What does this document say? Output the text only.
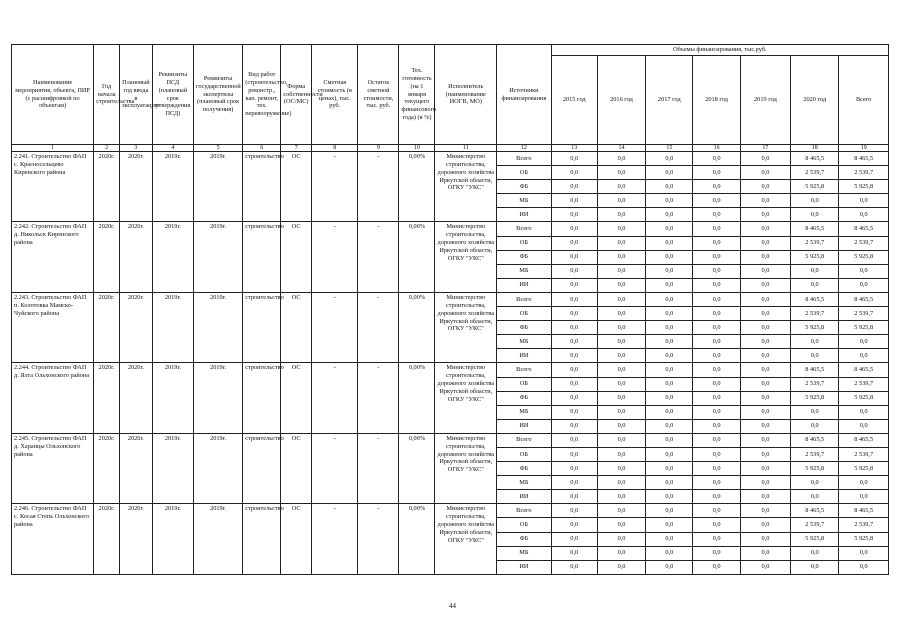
Наименование мероприятия, объекта, ПИР (с расшифровкой по объектам)	Год начала строительства	Плановый год ввода в эксплуатацию	Реквизиты ПСД (плановый срок утверждения ПСД)	Реквизиты государственной экспертизы (плановый срок получения)	Вид работ (строительство, реконстр., кап. ремонт, тех. перевооружение)	Форма собственности (ОС/МС)	Сметная стоимость (в ценах), тыс. руб.	Остаток сметной стоимости, тыс. руб.	Тех. готовность (на 1 января текущего финансового года) (в %)	Исполнитель (наименование ИОГВ, МО)	Источники финансирования	Объемы финансирования, тыс.руб.						
												2015 год	2016 год	2017 год	2018 год	2019 год	2020 год	Всего
1	2	3	4	5	6	7	8	9	10	11	12	13	14	15	16	17	18	19
2.241. Строительство ФАП с. Красносельцево Киренского района	2020г.	2020г.	2019г.	2019г.	строительство	ОС	-	-	0,00%	Министерство строительства, дорожного хозяйства Иркутской области, ОГКУ "УКС"	Всего	0,0	0,0	0,0	0,0	0,0	8 465,5	8 465,5
											ОБ	0,0	0,0	0,0	0,0	0,0	2 539,7	2 539,7
											ФБ	0,0	0,0	0,0	0,0	0,0	5 925,8	5 925,8
											МБ	0,0	0,0	0,0	0,0	0,0	0,0	0,0
											ИИ	0,0	0,0	0,0	0,0	0,0	0,0	0,0
2.242. Строительство ФАП д. Никольск Киренского района	2020г.	2020г.	2019г.	2019г.	строительство	ОС	-	-	0,00%	Министерство строительства, дорожного хозяйства Иркутской области, ОГКУ "УКС"	Всего	0,0	0,0	0,0	0,0	0,0	8 465,5	8 465,5
											ОБ	0,0	0,0	0,0	0,0	0,0	2 539,7	2 539,7
											ФБ	0,0	0,0	0,0	0,0	0,0	5 925,8	5 925,8
											МБ	0,0	0,0	0,0	0,0	0,0	0,0	0,0
											ИИ	0,0	0,0	0,0	0,0	0,0	0,0	0,0
2.243. Строительство ФАП п. Колотовка Мамско-Чуйского района	2020г.	2020г.	2019г.	2019г.	строительство	ОС	-	-	0,00%	Министерство строительства, дорожного хозяйства Иркутской области, ОГКУ "УКС"	Всего	0,0	0,0	0,0	0,0	0,0	8 465,5	8 465,5
											ОБ	0,0	0,0	0,0	0,0	0,0	2 539,7	2 539,7
											ФБ	0,0	0,0	0,0	0,0	0,0	5 925,8	5 925,8
											МБ	0,0	0,0	0,0	0,0	0,0	0,0	0,0
											ИИ	0,0	0,0	0,0	0,0	0,0	0,0	0,0
2.244. Строительство ФАП д. Ялга Ольхонского района	2020г.	2020г.	2019г.	2019г.	строительство	ОС	-	-	0,00%	Министерство строительства, дорожного хозяйства Иркутской области, ОГКУ "УКС"	Всего	0,0	0,0	0,0	0,0	0,0	8 465,5	8 465,5
											ОБ	0,0	0,0	0,0	0,0	0,0	2 539,7	2 539,7
											ФБ	0,0	0,0	0,0	0,0	0,0	5 925,8	5 925,8
											МБ	0,0	0,0	0,0	0,0	0,0	0,0	0,0
											ИИ	0,0	0,0	0,0	0,0	0,0	0,0	0,0
2.245. Строительство ФАП д. Харанцы Ольхонского района	2020г.	2020г.	2019г.	2019г.	строительство	ОС	-	-	0,00%	Министерство строительства, дорожного хозяйства Иркутской области, ОГКУ "УКС"	Всего	0,0	0,0	0,0	0,0	0,0	8 465,5	8 465,5
											ОБ	0,0	0,0	0,0	0,0	0,0	2 539,7	2 539,7
											ФБ	0,0	0,0	0,0	0,0	0,0	5 925,8	5 925,8
											МБ	0,0	0,0	0,0	0,0	0,0	0,0	0,0
											ИИ	0,0	0,0	0,0	0,0	0,0	0,0	0,0
2.246. Строительство ФАП с. Косая Степь Ольхонского района	2020г.	2020г.	2019г.	2019г.	строительство	ОС	-	-	0,00%	Министерство строительства, дорожного хозяйства Иркутской области, ОГКУ "УКС"	Всего	0,0	0,0	0,0	0,0	0,0	8 465,5	8 465,5
											ОБ	0,0	0,0	0,0	0,0	0,0	2 539,7	2 539,7
											ФБ	0,0	0,0	0,0	0,0	0,0	5 925,8	5 925,8
											МБ	0,0	0,0	0,0	0,0	0,0	0,0	0,0
											ИИ	0,0	0,0	0,0	0,0	0,0	0,0	0,0
44
